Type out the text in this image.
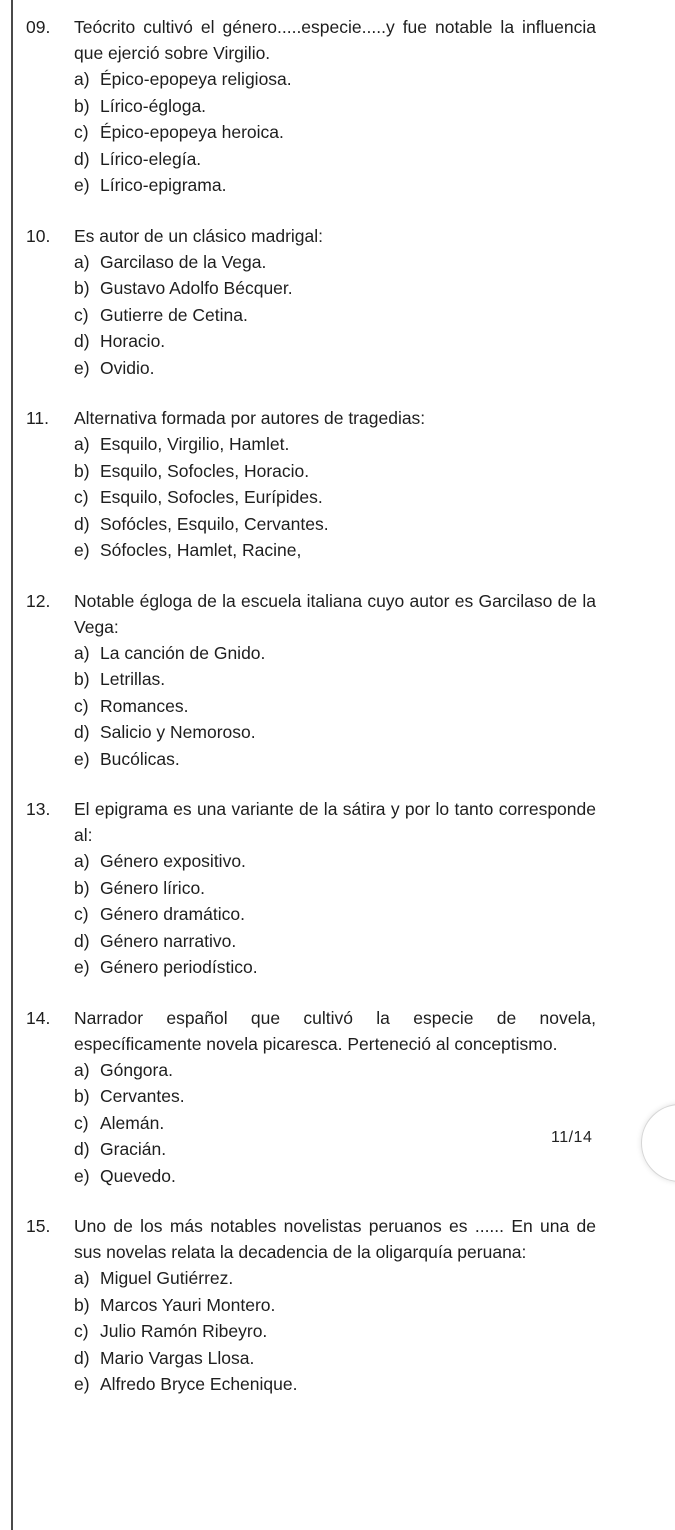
09.	Teócrito cultivó el género.....especie.....y fue notable la influencia que ejerció sobre Virgilio.
a) Épico-epopeya religiosa.
b) Lírico-égloga.
c) Épico-epopeya heroica.
d) Lírico-elegía.
e) Lírico-epigrama.
10.	Es autor de un clásico madrigal:
a) Garcilaso de la Vega.
b) Gustavo Adolfo Bécquer.
c) Gutierre de Cetina.
d) Horacio.
e) Ovidio.
11.	Alternativa formada por autores de tragedias:
a) Esquilo, Virgilio, Hamlet.
b) Esquilo, Sofocles, Horacio.
c) Esquilo, Sofocles, Eurípides.
d) Sofócles, Esquilo, Cervantes.
e) Sófocles, Hamlet, Racine,
12.	Notable égloga de la escuela italiana cuyo autor es Garcilaso de la Vega:
a) La canción de Gnido.
b) Letrillas.
c) Romances.
d) Salicio y Nemoroso.
e) Bucólicas.
13.	El epigrama es una variante de la sátira y por lo tanto corresponde al:
a) Género expositivo.
b) Género lírico.
c) Género dramático.
d) Género narrativo.
e) Género periodístico.
14.	Narrador español que cultivó la especie de novela, específicamente novela picaresca. Perteneció al conceptismo.
a) Góngora.
b) Cervantes.
c) Alemán.
d) Gracián.
e) Quevedo.
15.	Uno de los más notables novelistas peruanos es ...... En una de sus novelas relata la decadencia de la oligarquía peruana:
a) Miguel Gutiérrez.
b) Marcos Yauri Montero.
c) Julio Ramón Ribeyro.
d) Mario Vargas Llosa.
e) Alfredo Bryce Echenique.
11/14
